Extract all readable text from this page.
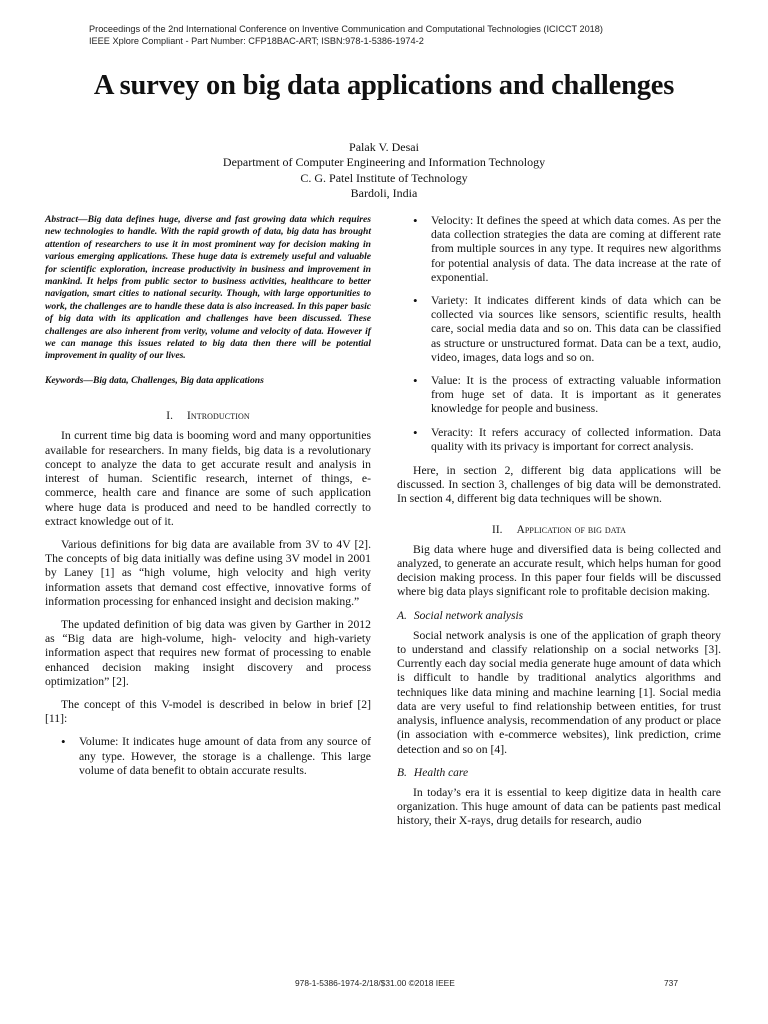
Proceedings of the 2nd International Conference on Inventive Communication and Computational Technologies (ICICCT 2018)
IEEE Xplore Compliant - Part Number: CFP18BAC-ART; ISBN:978-1-5386-1974-2
A survey on big data applications and challenges
Palak V. Desai
Department of Computer Engineering and Information Technology
C. G. Patel Institute of Technology
Bardoli, India
Abstract—Big data defines huge, diverse and fast growing data which requires new technologies to handle. With the rapid growth of data, big data has brought attention of researchers to use it in most prominent way for decision making in various emerging applications. These huge data is extremely useful and valuable for scientific exploration, increase productivity in business and improvement in mankind. It helps from public sector to business activities, healthcare to better navigation, smart cities to national security. Though, with large opportunities to work, the challenges are to handle these data is also increased. In this paper basic of big data with its application and challenges have been discussed. These challenges are also inherent from verity, volume and velocity of data. However if we can manage this issues related to big data then there will be potential improvement in quality of our lives.
Keywords—Big data, Challenges, Big data applications
I. Introduction

In current time big data is booming word and many opportunities available for researchers. In many fields, big data is a revolutionary concept to analyze the data to get accurate result and analysis in interest of human. Scientific research, internet of things, e-commerce, health care and finance are some of such application where huge data is produced and need to be handled correctly to extract knowledge out of it.

Various definitions for big data are available from 3V to 4V [2]. The concepts of big data initially was define using 3V model in 2001 by Laney [1] as “high volume, high velocity and high verity information assets that demand cost effective, innovative forms of information processing for enhanced insight and decision making.”

The updated definition of big data was given by Garther in 2012 as “Big data are high-volume, high- velocity and high-variety information aspect that requires new format of processing to enable enhanced decision making insight discovery and process optimization” [2].

The concept of this V-model is described in below in brief [2][11]:

• Volume: It indicates huge amount of data from any source of any type. However, the storage is a challenge. This large volume of data benefit to obtain accurate results.
• Velocity: It defines the speed at which data comes. As per the data collection strategies the data are coming at different rate from multiple sources in any type. It requires new algorithms for potential analysis of data. The data increase at the rate of exponential.
• Variety: It indicates different kinds of data which can be collected via sources like sensors, scientific results, health care, social media data and so on. This data can be classified as structure or unstructured format. Data can be a text, audio, video, images, data logs and so on.
• Value: It is the process of extracting valuable information from huge set of data. It is important as it generates knowledge for people and business.
• Veracity: It refers accuracy of collected information. Data quality with its privacy is important for correct analysis.

Here, in section 2, different big data applications will be discussed. In section 3, challenges of big data will be demonstrated. In section 4, different big data techniques will be shown.

II. Application of big data

Big data where huge and diversified data is being collected and analyzed, to generate an accurate result, which helps human for good decision making process. In this paper four fields will be discussed where big data plays significant role to profitable decision making.

A. Social network analysis

Social network analysis is one of the application of graph theory to understand and classify relationship on a social networks [3]. Currently each day social media generate huge amount of data which is difficult to handle by traditional analytics algorithms and techniques like data mining and machine learning [1]. Social media data are very useful to find relationship between entities, for trust analysis, influence analysis, recommendation of any product or place (in association with e-commerce websites), link prediction, crime detection and so on [4].

B. Health care

In today’s era it is essential to keep digitize data in health care organization. This huge amount of data can be patients past medical history, their X-rays, drug details for research, audio

978-1-5386-1974-2/18/$31.00 ©2018 IEEE	737
